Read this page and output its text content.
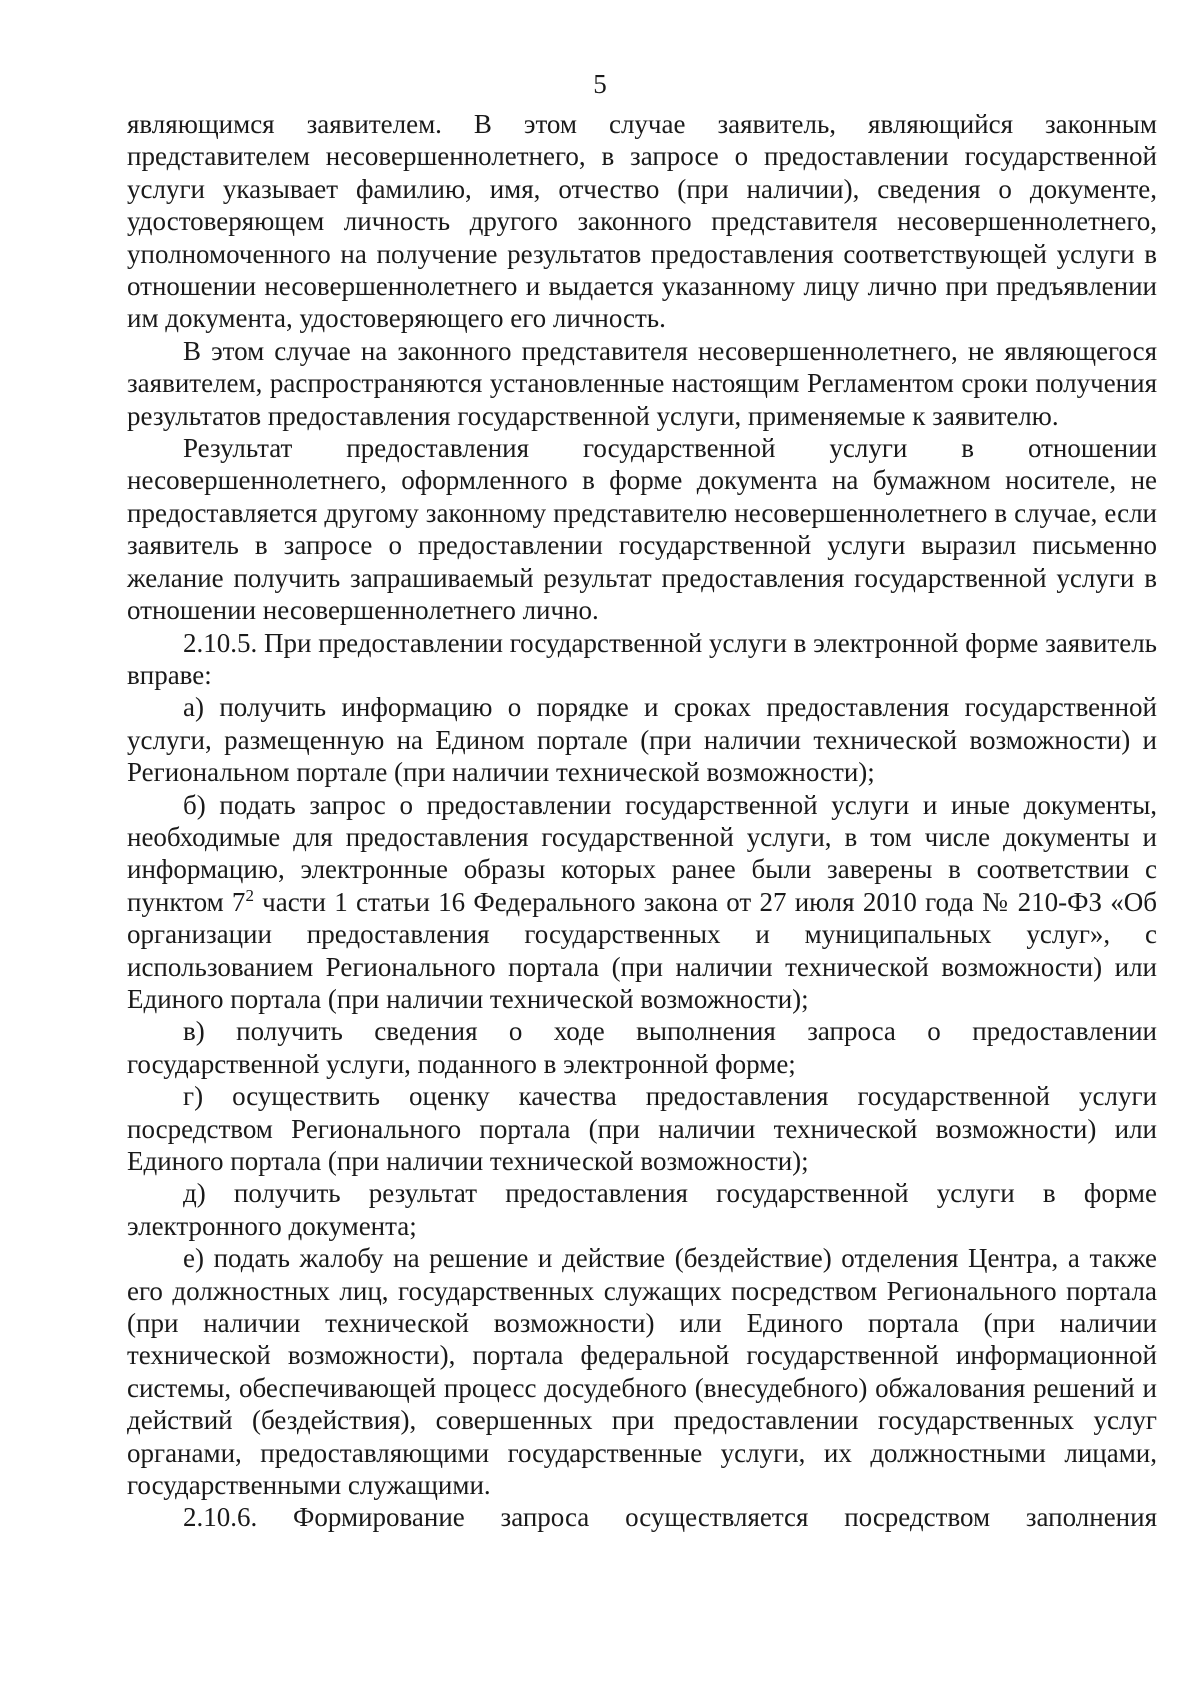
5

являющимся заявителем. В этом случае заявитель, являющийся законным представителем несовершеннолетнего, в запросе о предоставлении государственной услуги указывает фамилию, имя, отчество (при наличии), сведения о документе, удостоверяющем личность другого законного представителя несовершеннолетнего, уполномоченного на получение результатов предоставления соответствующей услуги в отношении несовершеннолетнего и выдается указанному лицу лично при предъявлении им документа, удостоверяющего его личность.

В этом случае на законного представителя несовершеннолетнего, не являющегося заявителем, распространяются установленные настоящим Регламентом сроки получения результатов предоставления государственной услуги, применяемые к заявителю.

Результат предоставления государственной услуги в отношении несовершеннолетнего, оформленного в форме документа на бумажном носителе, не предоставляется другому законному представителю несовершеннолетнего в случае, если заявитель в запросе о предоставлении государственной услуги выразил письменно желание получить запрашиваемый результат предоставления государственной услуги в отношении несовершеннолетнего лично.

2.10.5. При предоставлении государственной услуги в электронной форме заявитель вправе:

а) получить информацию о порядке и сроках предоставления государственной услуги, размещенную на Едином портале (при наличии технической возможности) и Региональном портале (при наличии технической возможности);

б) подать запрос о предоставлении государственной услуги и иные документы, необходимые для предоставления государственной услуги, в том числе документы и информацию, электронные образы которых ранее были заверены в соответствии с пунктом $7^2$ части 1 статьи 16 Федерального закона от 27 июля 2010 года № 210-ФЗ «Об организации предоставления государственных и муниципальных услуг», с использованием Регионального портала (при наличии технической возможности) или Единого портала (при наличии технической возможности);

в) получить сведения о ходе выполнения запроса о предоставлении государственной услуги, поданного в электронной форме;

г) осуществить оценку качества предоставления государственной услуги посредством Регионального портала (при наличии технической возможности) или Единого портала (при наличии технической возможности);

д) получить результат предоставления государственной услуги в форме электронного документа;

е) подать жалобу на решение и действие (бездействие) отделения Центра, а также его должностных лиц, государственных служащих посредством Регионального портала (при наличии технической возможности) или Единого портала (при наличии технической возможности), портала федеральной государственной информационной системы, обеспечивающей процесс досудебного (внесудебного) обжалования решений и действий (бездействия), совершенных при предоставлении государственных услуг органами, предоставляющими государственные услуги, их должностными лицами, государственными служащими.

2.10.6. Формирование запроса осуществляется посредством заполнения
